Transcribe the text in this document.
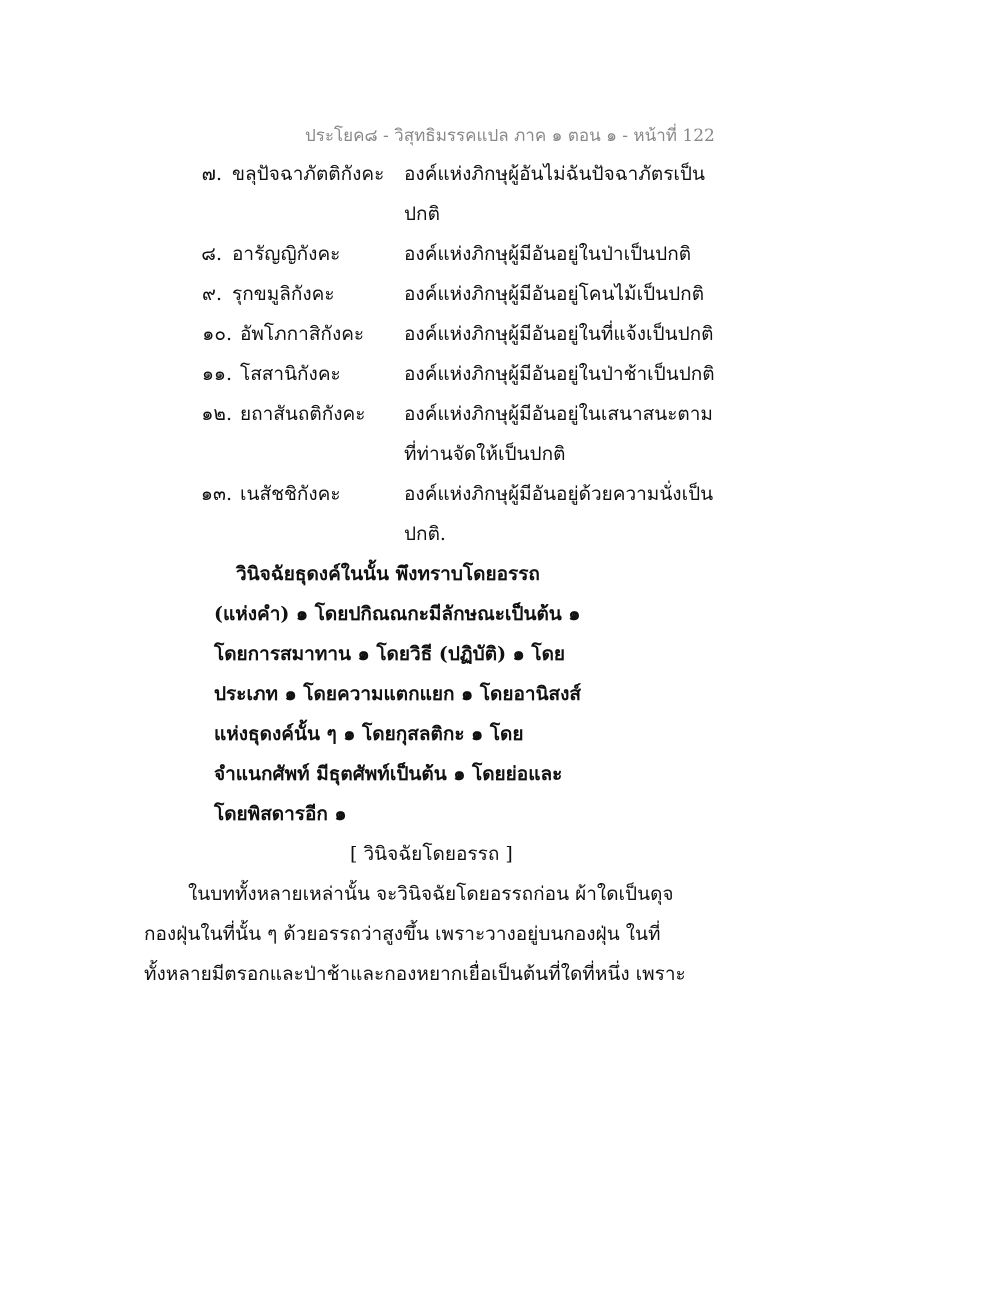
ประโยค๘ - วิสุทธิมรรคแปล ภาค ๑ ตอน ๑ - หน้าที่ 122
๗. ขลุปัจฉาภัตติกังคะ องค์แห่งภิกษุผู้อันไม่ฉันปัจฉาภัตรเป็น
ปกติ
๘. อารัญญิกังคะ	องค์แห่งภิกษุผู้มีอันอยู่ในป่าเป็นปกติ
๙. รุกขมูลิกังคะ	องค์แห่งภิกษุผู้มีอันอยู่โคนไม้เป็นปกติ
๑๐. อัพโภกาสิกังคะ องค์แห่งภิกษุผู้มีอันอยู่ในที่แจ้งเป็นปกติ
๑๑. โสสานิกังคะ	องค์แห่งภิกษุผู้มีอันอยู่ในป่าช้าเป็นปกติ
๑๒. ยถาสันถติกังคะ องค์แห่งภิกษุผู้มีอันอยู่ในเสนาสนะตาม
ที่ท่านจัดให้เป็นปกติ
๑๓. เนสัชชิกังคะ	องค์แห่งภิกษุผู้มีอันอยู่ด้วยความนั่งเป็น
ปกติ.
วินิจฉัยธุดงค์ในนั้น พึงทราบโดยอรรถ
(แห่งคำ) ๑ โดยปกิณณกะมีลักษณะเป็นต้น ๑
โดยการสมาทาน ๑ โดยวิธี (ปฏิบัติ) ๑ โดย
ประเภท ๑ โดยความแตกแยก ๑ โดยอานิสงส์
แห่งธุดงค์นั้น ๆ ๑ โดยกุสลติกะ ๑ โดย
จำแนกศัพท์ มีธุตศัพท์เป็นต้น ๑ โดยย่อและ
โดยพิสดารอีก ๑
[ วินิจฉัยโดยอรรถ ]
ในบททั้งหลายเหล่านั้น จะวินิจฉัยโดยอรรถก่อน ผ้าใดเป็นดุจ
กองฝุ่นในที่นั้น ๆ ด้วยอรรถว่าสูงขึ้น เพราะวางอยู่บนกองฝุ่น ในที่
ทั้งหลายมีตรอกและป่าช้าและกองหยากเยื่อเป็นต้นที่ใดที่หนึ่ง เพราะ
